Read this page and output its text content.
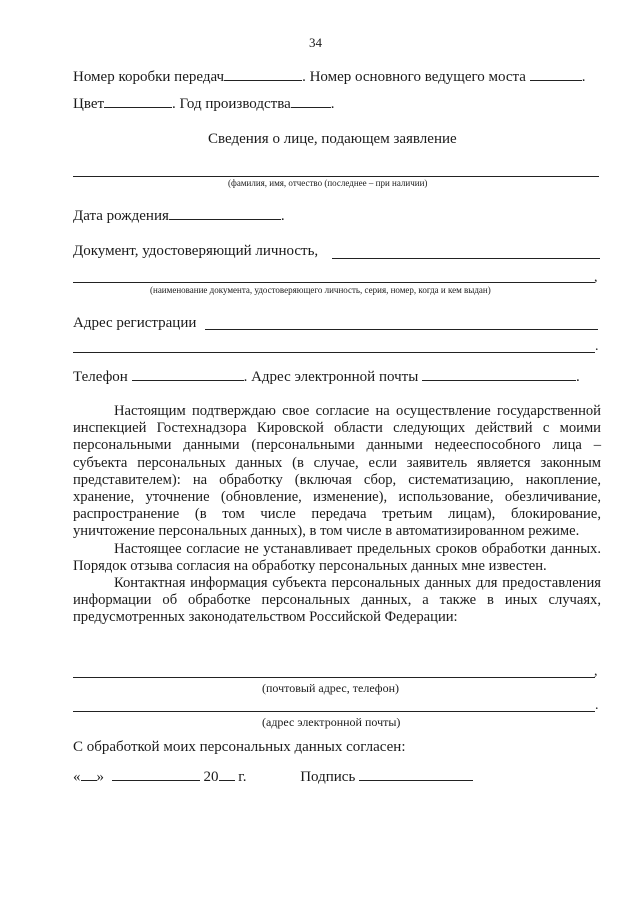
34
Номер коробки передач	. Номер основного ведущего моста	.
Цвет	. Год производства	.
Сведения о лице, подающем заявление
(фамилия, имя, отчество (последнее – при наличии)
Дата рождения	.
Документ, удостоверяющий личность,
,
(наименование документа, удостоверяющего личность, серия, номер, когда и кем выдан)
Адрес регистрации
.
Телефон	. Адрес электронной почты	.

Настоящим подтверждаю свое согласие на осуществление государственной инспекцией Гостехнадзора Кировской области следующих действий с моими персональными данными (персональными данными недееспособного лица – субъекта персональных данных (в случае, если заявитель является законным представителем): на обработку (включая сбор, систематизацию, накопление, хранение, уточнение (обновление, изменение), использование, обезличивание, распространение (в том числе передача третьим лицам), блокирование, уничтожение персональных данных), в том числе в автоматизированном режиме.

Настоящее согласие не устанавливает предельных сроков обработки данных. Порядок отзыва согласия на обработку персональных данных мне известен.

Контактная информация субъекта персональных данных для предоставления информации об обработке персональных данных, а также в иных случаях, предусмотренных законодательством Российской Федерации:

,
(почтовый адрес, телефон)
.
(адрес электронной почты)
С обработкой моих персональных данных согласен:
« »	20 г.	Подпись
